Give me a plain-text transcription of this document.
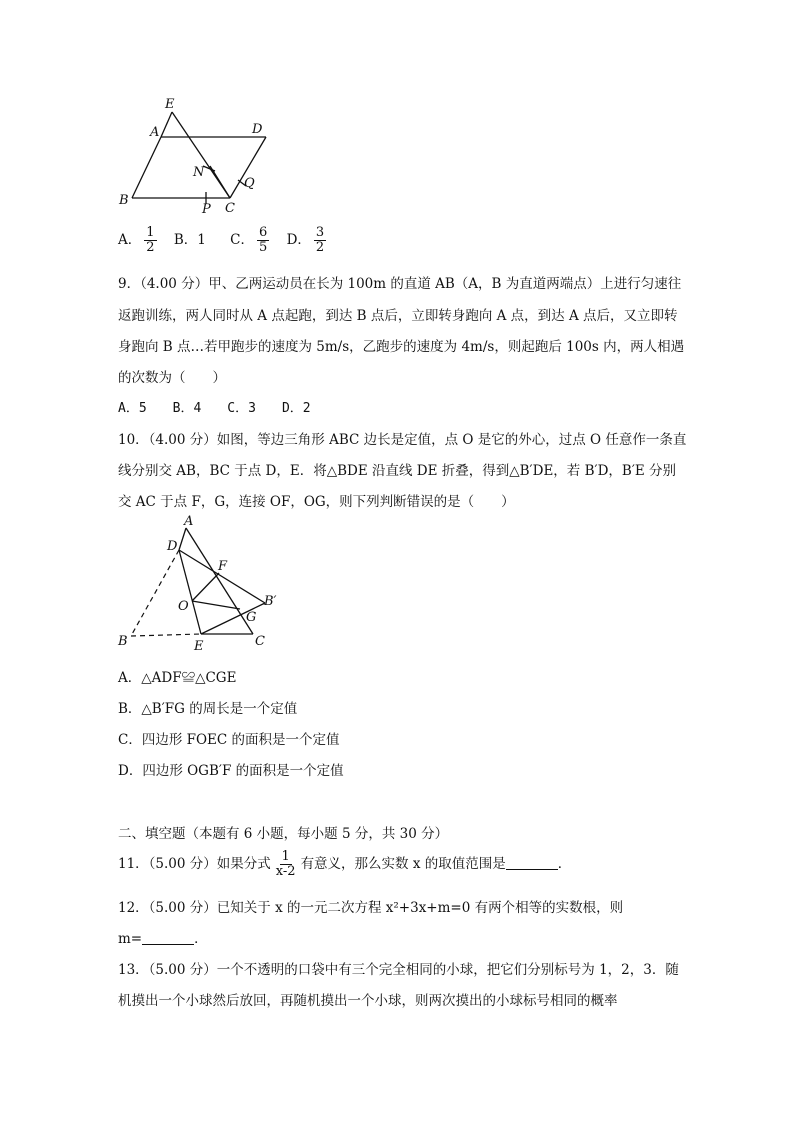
E
A	D
N
Q
B
P C
A． $\frac{1}{2}$ B．1 C． $\frac{6}{5}$ D． $\frac{3}{2}$
9．（4.00 分）甲、乙两运动员在长为 100m 的直道 AB（A，B 为直道两端点）上进行匀速往
返跑训练，两人同时从 A 点起跑，到达 B 点后，立即转身跑向 A 点，到达 A 点后，又立即转
身跑向 B 点…若甲跑步的速度为 5m/s，乙跑步的速度为 4m/s，则起跑后 100s 内，两人相遇
的次数为（　　）
A．5　　B．4　　C．3　　D．2
10．（4.00 分）如图，等边三角形 ABC 边长是定值，点 O 是它的外心，过点 O 任意作一条直
线分别交 AB，BC 于点 D，E．将△BDE 沿直线 DE 折叠，得到△B′DE，若 B′D，B′E 分别
交 AC 于点 F，G，连接 OF，OG，则下列判断错误的是（　　）
A
D
F
B′
O
G
B	E	C
A．△ADF≌△CGE
B．△B′FG 的周长是一个定值
C．四边形 FOEC 的面积是一个定值
D．四边形 OGB′F 的面积是一个定值
二、填空题（本题有 6 小题，每小题 5 分，共 30 分）
11．（5.00 分）如果分式 $\frac{1}{x-2}$ 有意义，那么实数 x 的取值范围是	．
12．（5.00 分）已知关于 x 的一元二次方程 x²+3x+m=0 有两个相等的实数根，则
m=	．
13．（5.00 分）一个不透明的口袋中有三个完全相同的小球，把它们分别标号为 1，2，3．随
机摸出一个小球然后放回，再随机摸出一个小球，则两次摸出的小球标号相同的概率
